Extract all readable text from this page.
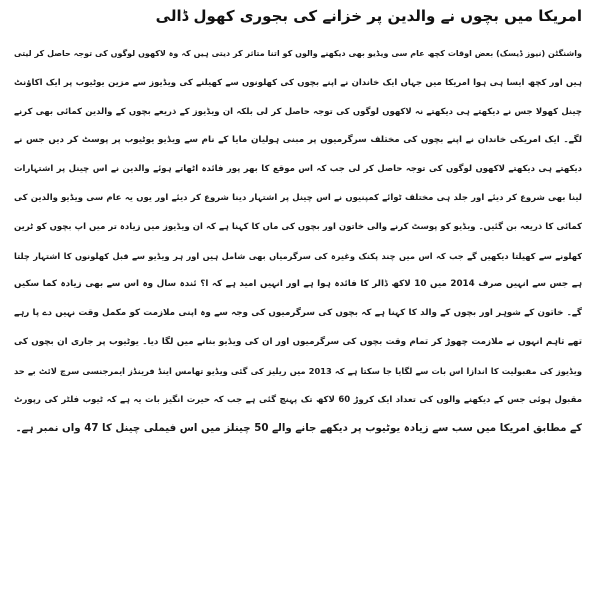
امریکا میں بچوں نے والدین پر خزانے کی بجوری کھول ڈالی
واشنگٹن (نیوز ڈیسک) بعض اوقات کچھ عام سی ویڈیو بھی دیکھنے والوں کو اتنا متاثر کر دیتی ہیں کہ وہ لاکھوں لوگوں کی توجہ حاصل کر لیتی
ہیں اور کچھ ایسا ہی ہوا امریکا میں جہاں ایک خاندان نے اپنے بچوں کی کھلونوں سے کھیلنے کی ویڈیوز سے مزین یوٹیوب پر ایک اکاؤنٹ
چینل کھولا جس نے دیکھتے ہی دیکھتے نہ لاکھوں لوگوں کی توجہ حاصل کر لی بلکہ ان ویڈیوز کے ذریعے بچوں کے والدین کمائی بھی کرنے
لگے۔ ایک امریکی خاندان نے اپنے بچوں کی مختلف سرگرمیوں پر مبنی ہولیان مایا کے نام سے ویڈیو یوٹیوب پر پوسٹ کر دیں جس نے
دیکھتے ہی دیکھتے لاکھوں لوگوں کی توجہ حاصل کر لی جب کہ اس موقع کا بھر پور فائدہ اٹھاتے ہوئے والدین نے اس چینل پر اشتہارات
لینا بھی شروع کر دیئے اور جلد ہی مختلف ٹوائے کمپنیوں نے اس چینل پر اشتہار دینا شروع کر دیئے اور یوں یہ عام سی ویڈیو والدین کی
کمائی کا ذریعہ بن گئیں۔ ویڈیو کو پوسٹ کرنے والی خاتون اور بچوں کی ماں کا کہنا ہے کہ ان ویڈیوز میں زیادہ تر میں اپ بچوں کو ٹرین
کھلونے سے کھیلتا دیکھیں گے جب کہ اس میں چند پکنک وغیرہ کی سرگرمیاں بھی شامل ہیں اور ہر ویڈیو سے قبل کھلونوں کا اشتہار چلتا
ہے جس سے انہیں صرف 2014 میں 10 لاکھ ڈالر کا فائدہ ہوا ہے اور انہیں امید ہے کہ ا؟ ئندہ سال وہ اس سے بھی زیادہ کما سکیں
گے۔ خاتون کے شوہر اور بچوں کے والد کا کہنا ہے کہ بچوں کی سرگرمیوں کی وجہ سے وہ اپنی ملازمت کو مکمل وقت نہیں دے پا رہے
تھے تاہم انہوں نے ملازمت چھوڑ کر تمام وقت بچوں کی سرگرمیوں اور ان کی ویڈیو بنانے میں لگا دیا۔ یوٹیوب پر جاری ان بچوں کی
ویڈیوز کی مقبولیت کا اندازا اس بات سے لگایا جا سکتا ہے کہ 2013 میں ریلیز کی گئی ویڈیو تھامس اینڈ فرینڈز ایمرجنسی سرچ لائٹ بے حد
مقبول ہوئی جس کے دیکھنے والوں کی تعداد ایک کروڑ 60 لاکھ تک پہنچ گئی ہے جب کہ حیرت انگیز بات یہ ہے کہ ٹیوب فلٹر کی رپورٹ
کے مطابق امریکا میں سب سے زیادہ یوٹیوب پر دیکھے جانے والے 50 چینلز میں اس فیملی چینل کا 47 واں نمبر ہے۔
